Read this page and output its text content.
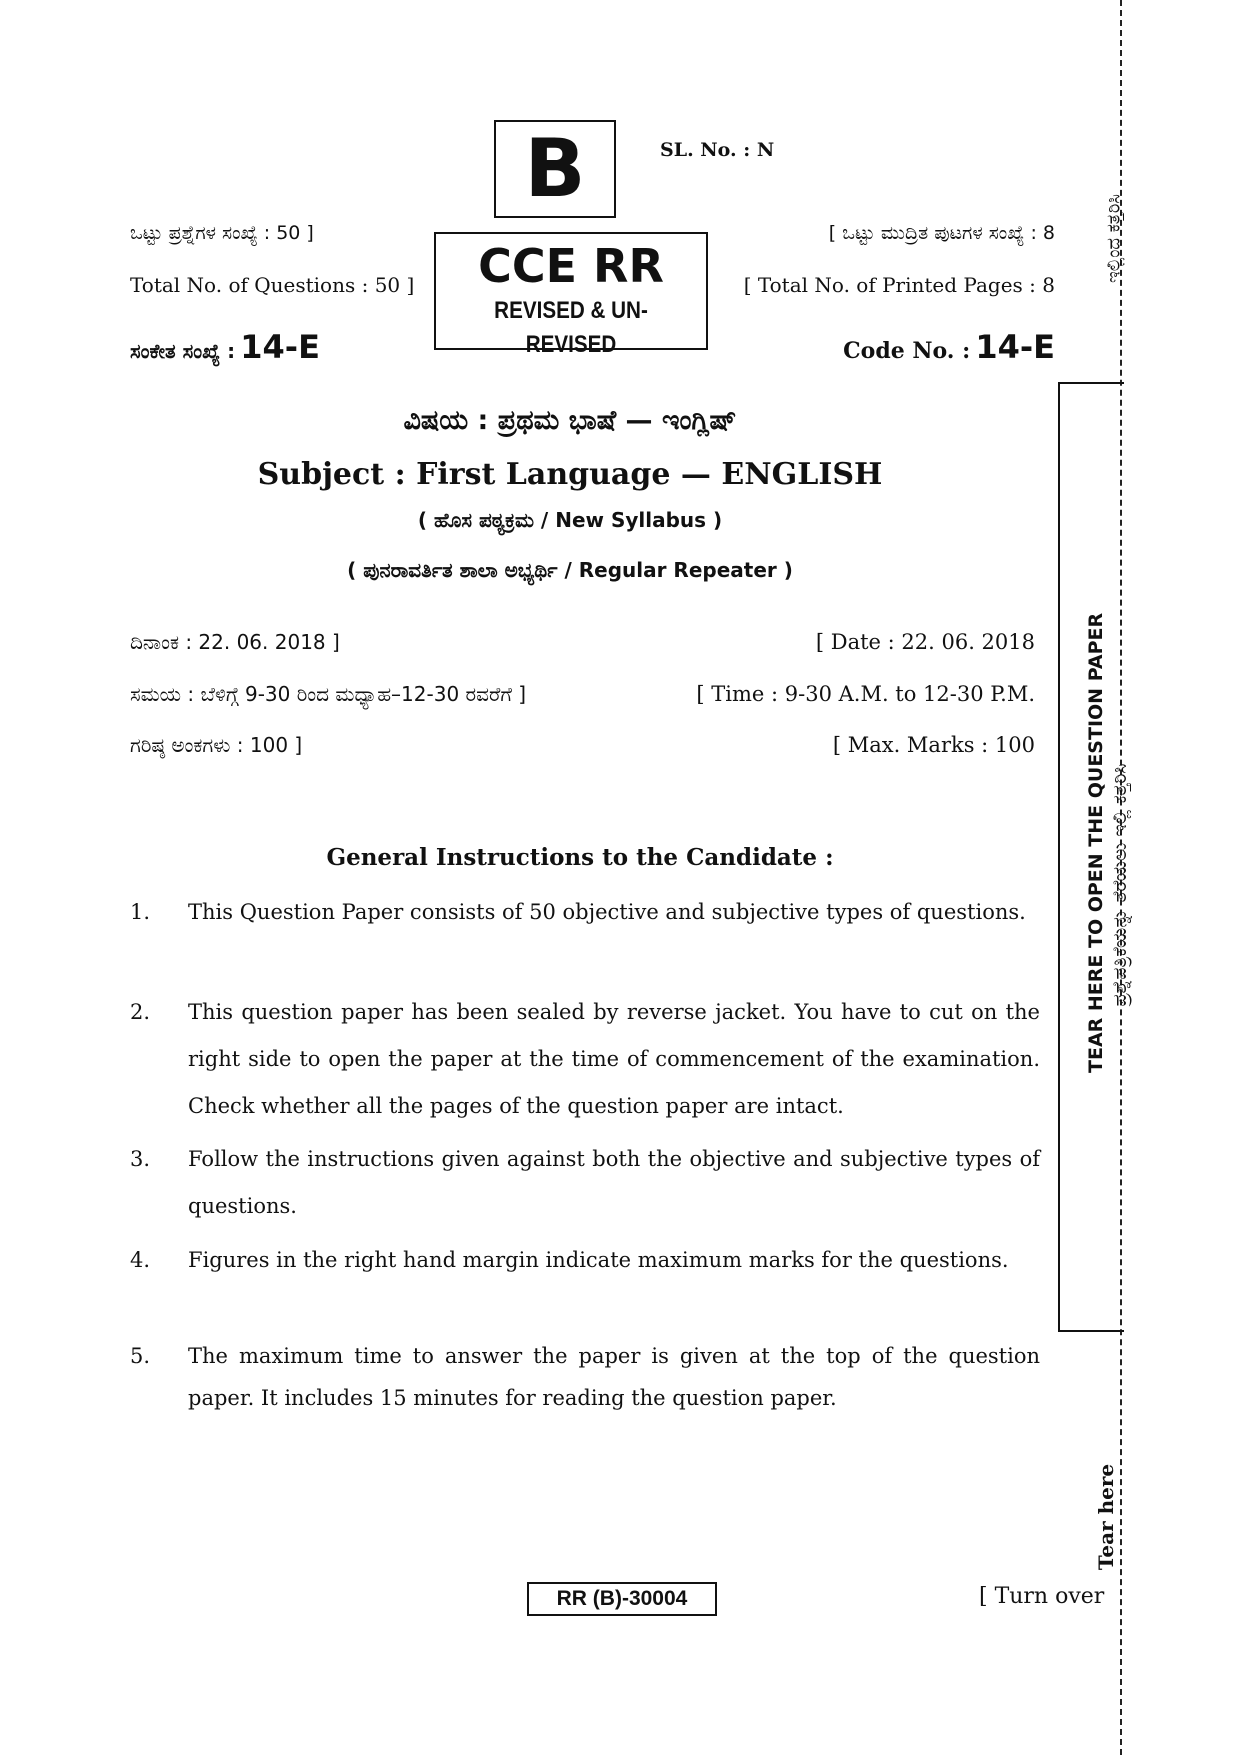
B	SL. No. : N
ಒಟ್ಟು ಪ್ರಶ್ನೆಗಳ ಸಂಖ್ಯೆ : 50 ]
Total No. of Questions : 50 ]
ಸಂಕೇತ ಸಂಖ್ಯೆ : 14-E
CCE RR
REVISED & UN-REVISED
[ ಒಟ್ಟು ಮುದ್ರಿತ ಪುಟಗಳ ಸಂಖ್ಯೆ : 8
[ Total No. of Printed Pages : 8
Code No. : 14-E
ವಿಷಯ : ಪ್ರಥಮ ಭಾಷೆ — ಇಂಗ್ಲಿಷ್
Subject : First Language — ENGLISH
( ಹೊಸ ಪಠ್ಯಕ್ರಮ / New Syllabus )
( ಪುನರಾವರ್ತಿತ ಶಾಲಾ ಅಭ್ಯರ್ಥಿ / Regular Repeater )
ದಿನಾಂಕ : 22. 06. 2018 ]	[ Date : 22. 06. 2018
ಸಮಯ : ಬೆಳಿಗ್ಗೆ 9-30 ರಿಂದ ಮಧ್ಯಾಹ–12-30 ರವರೆಗೆ ]	[ Time : 9-30 A.M. to 12-30 P.M.
ಗರಿಷ್ಠ ಅಂಕಗಳು : 100 ]	[ Max. Marks : 100
General Instructions to the Candidate :
1. This Question Paper consists of 50 objective and subjective types of questions.
2. This question paper has been sealed by reverse jacket. You have to cut on the right side to open the paper at the time of commencement of the examination. Check whether all the pages of the question paper are intact.
3. Follow the instructions given against both the objective and subjective types of questions.
4. Figures in the right hand margin indicate maximum marks for the questions.
5. The maximum time to answer the paper is given at the top of the question paper. It includes 15 minutes for reading the question paper.
ಇಲ್ಲಿಂದ ಕತ್ತರಿಸಿ
TEAR HERE TO OPEN THE QUESTION PAPER ಪ್ರಶ್ನೆಪತ್ರಿಕೆಯನ್ನು ತೆರೆಯಲು ಇಲ್ಲಿ ಕತ್ತರಿಸಿ
Tear here
RR (B)-30004	[ Turn over
